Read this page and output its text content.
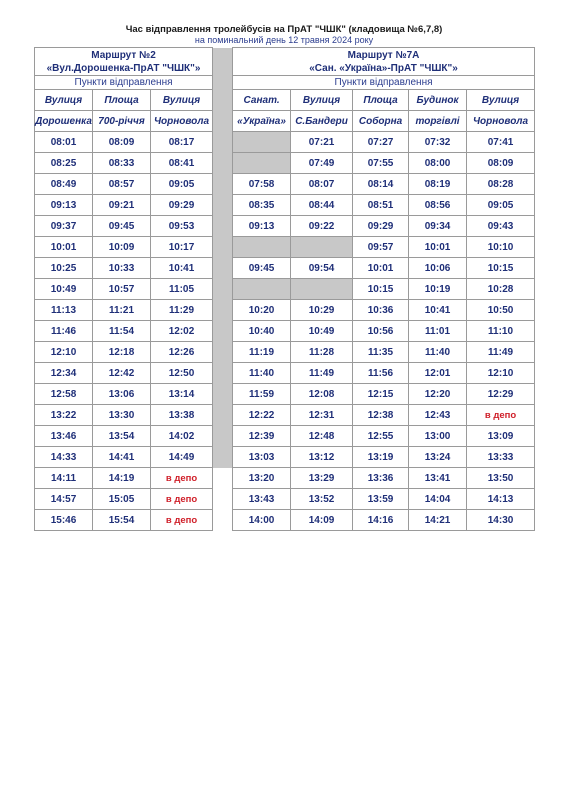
Час відправлення тролейбусів на ПрАТ "ЧШК" (кладовища №6,7,8)
на поминальний день 12 травня 2024 року
Маршрут №2				Маршрут №7А				
«Вул.Дорошенка-ПрАТ "ЧШК"»				«Сан. «Україна»-ПрАТ "ЧШК"»				
Пункти відправлення				Пункти відправлення				
Вулиця	Площа	Вулиця		Санат.	Вулиця	Площа	Будинок	Вулиця
Дорошенка	700-річчя	Чорновола		«Україна»	С.Бандери	Соборна	торгівлі	Чорновола
08:01	08:09	08:17			07:21	07:27	07:32	07:41
08:25	08:33	08:41			07:49	07:55	08:00	08:09
08:49	08:57	09:05		07:58	08:07	08:14	08:19	08:28
09:13	09:21	09:29		08:35	08:44	08:51	08:56	09:05
09:37	09:45	09:53		09:13	09:22	09:29	09:34	09:43
10:01	10:09	10:17				09:57	10:01	10:10
10:25	10:33	10:41		09:45	09:54	10:01	10:06	10:15
10:49	10:57	11:05				10:15	10:19	10:28
11:13	11:21	11:29		10:20	10:29	10:36	10:41	10:50
11:46	11:54	12:02		10:40	10:49	10:56	11:01	11:10
12:10	12:18	12:26		11:19	11:28	11:35	11:40	11:49
12:34	12:42	12:50		11:40	11:49	11:56	12:01	12:10
12:58	13:06	13:14		11:59	12:08	12:15	12:20	12:29
13:22	13:30	13:38		12:22	12:31	12:38	12:43	в депо
13:46	13:54	14:02		12:39	12:48	12:55	13:00	13:09
14:33	14:41	14:49		13:03	13:12	13:19	13:24	13:33
14:11	14:19	в депо		13:20	13:29	13:36	13:41	13:50
14:57	15:05	в депо		13:43	13:52	13:59	14:04	14:13
15:46	15:54	в депо		14:00	14:09	14:16	14:21	14:30
